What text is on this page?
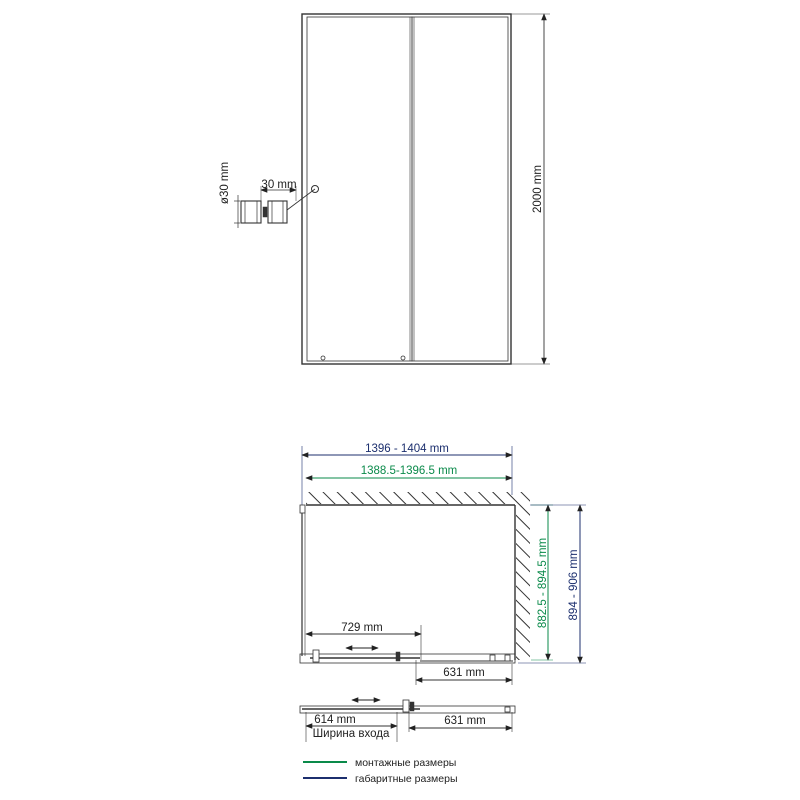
ø30 mm	30 mm	2000 mm
1396 - 1404 mm
1388.5-1396.5 mm
729 mm
631 mm
882.5 - 894.5 mm 894 - 906 mm
614 mm
Ширина входа
631 mm
монтажные размеры
габаритные размеры
